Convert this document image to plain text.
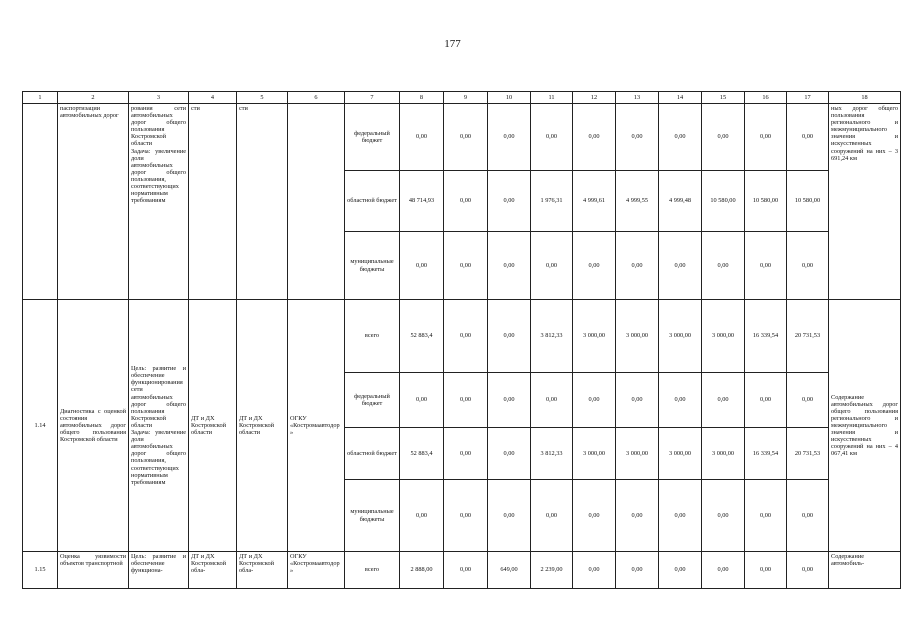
177
1	2	3	4	5	6	7	8	9	10	11	12	13	14	15	16	17	18
	паспортизации автомобильных дорог	рования сети автомобильных дорог общего пользования Костромской области
Задача: увеличение доли автомобильных дорог общего пользования, соответствующих нормативным требованиям	сти	сти		федеральный бюджет	0,00	0,00	0,00	0,00	0,00	0,00	0,00	0,00	0,00	0,00	ных дорог общего пользования регионального и межмуниципального значения и искусственных сооружений на них – 3 691,24 км
						областной бюджет	48 714,93	0,00	0,00	1 976,31	4 999,61	4 999,55	4 999,48	10 580,00	10 580,00	10 580,00	
						муниципальные бюджеты	0,00	0,00	0,00	0,00	0,00	0,00	0,00	0,00	0,00	0,00	
1.14	Диагностика с оценкой состояния автомобильных дорог общего пользования Костромской области	Цель: развитие и обеспечение функционирования сети автомобильных дорог общего пользования Костромской области
Задача: увеличение доли автомобильных дорог общего пользования, соответствующих нормативным требованиям	ДТ и ДХ Костромской области	ДТ и ДХ Костромской области	ОГКУ «Костромаавтодор»	всего	52 883,4	0,00	0,00	3 812,33	3 000,00	3 000,00	3 000,00	3 000,00	16 339,54	20 731,53	Содержание автомобильных дорог общего пользования регионального и межмуниципального значения и искусственных сооружений на них – 4 067,41 км
						федеральный бюджет	0,00	0,00	0,00	0,00	0,00	0,00	0,00	0,00	0,00	0,00	
						областной бюджет	52 883,4	0,00	0,00	3 812,33	3 000,00	3 000,00	3 000,00	3 000,00	16 339,54	20 731,53	
						муниципальные бюджеты	0,00	0,00	0,00	0,00	0,00	0,00	0,00	0,00	0,00	0,00	
1.15	Оценка уязвимости объектов транспортной	Цель: развитие и обеспечение функциона-	ДТ и ДХ Костромской обла-	ДТ и ДХ Костромской обла-	ОГКУ «Костромаавтодор»	всего	2 888,00	0,00	649,00	2 239,00	0,00	0,00	0,00	0,00	0,00	0,00	Содержание автомобиль-
